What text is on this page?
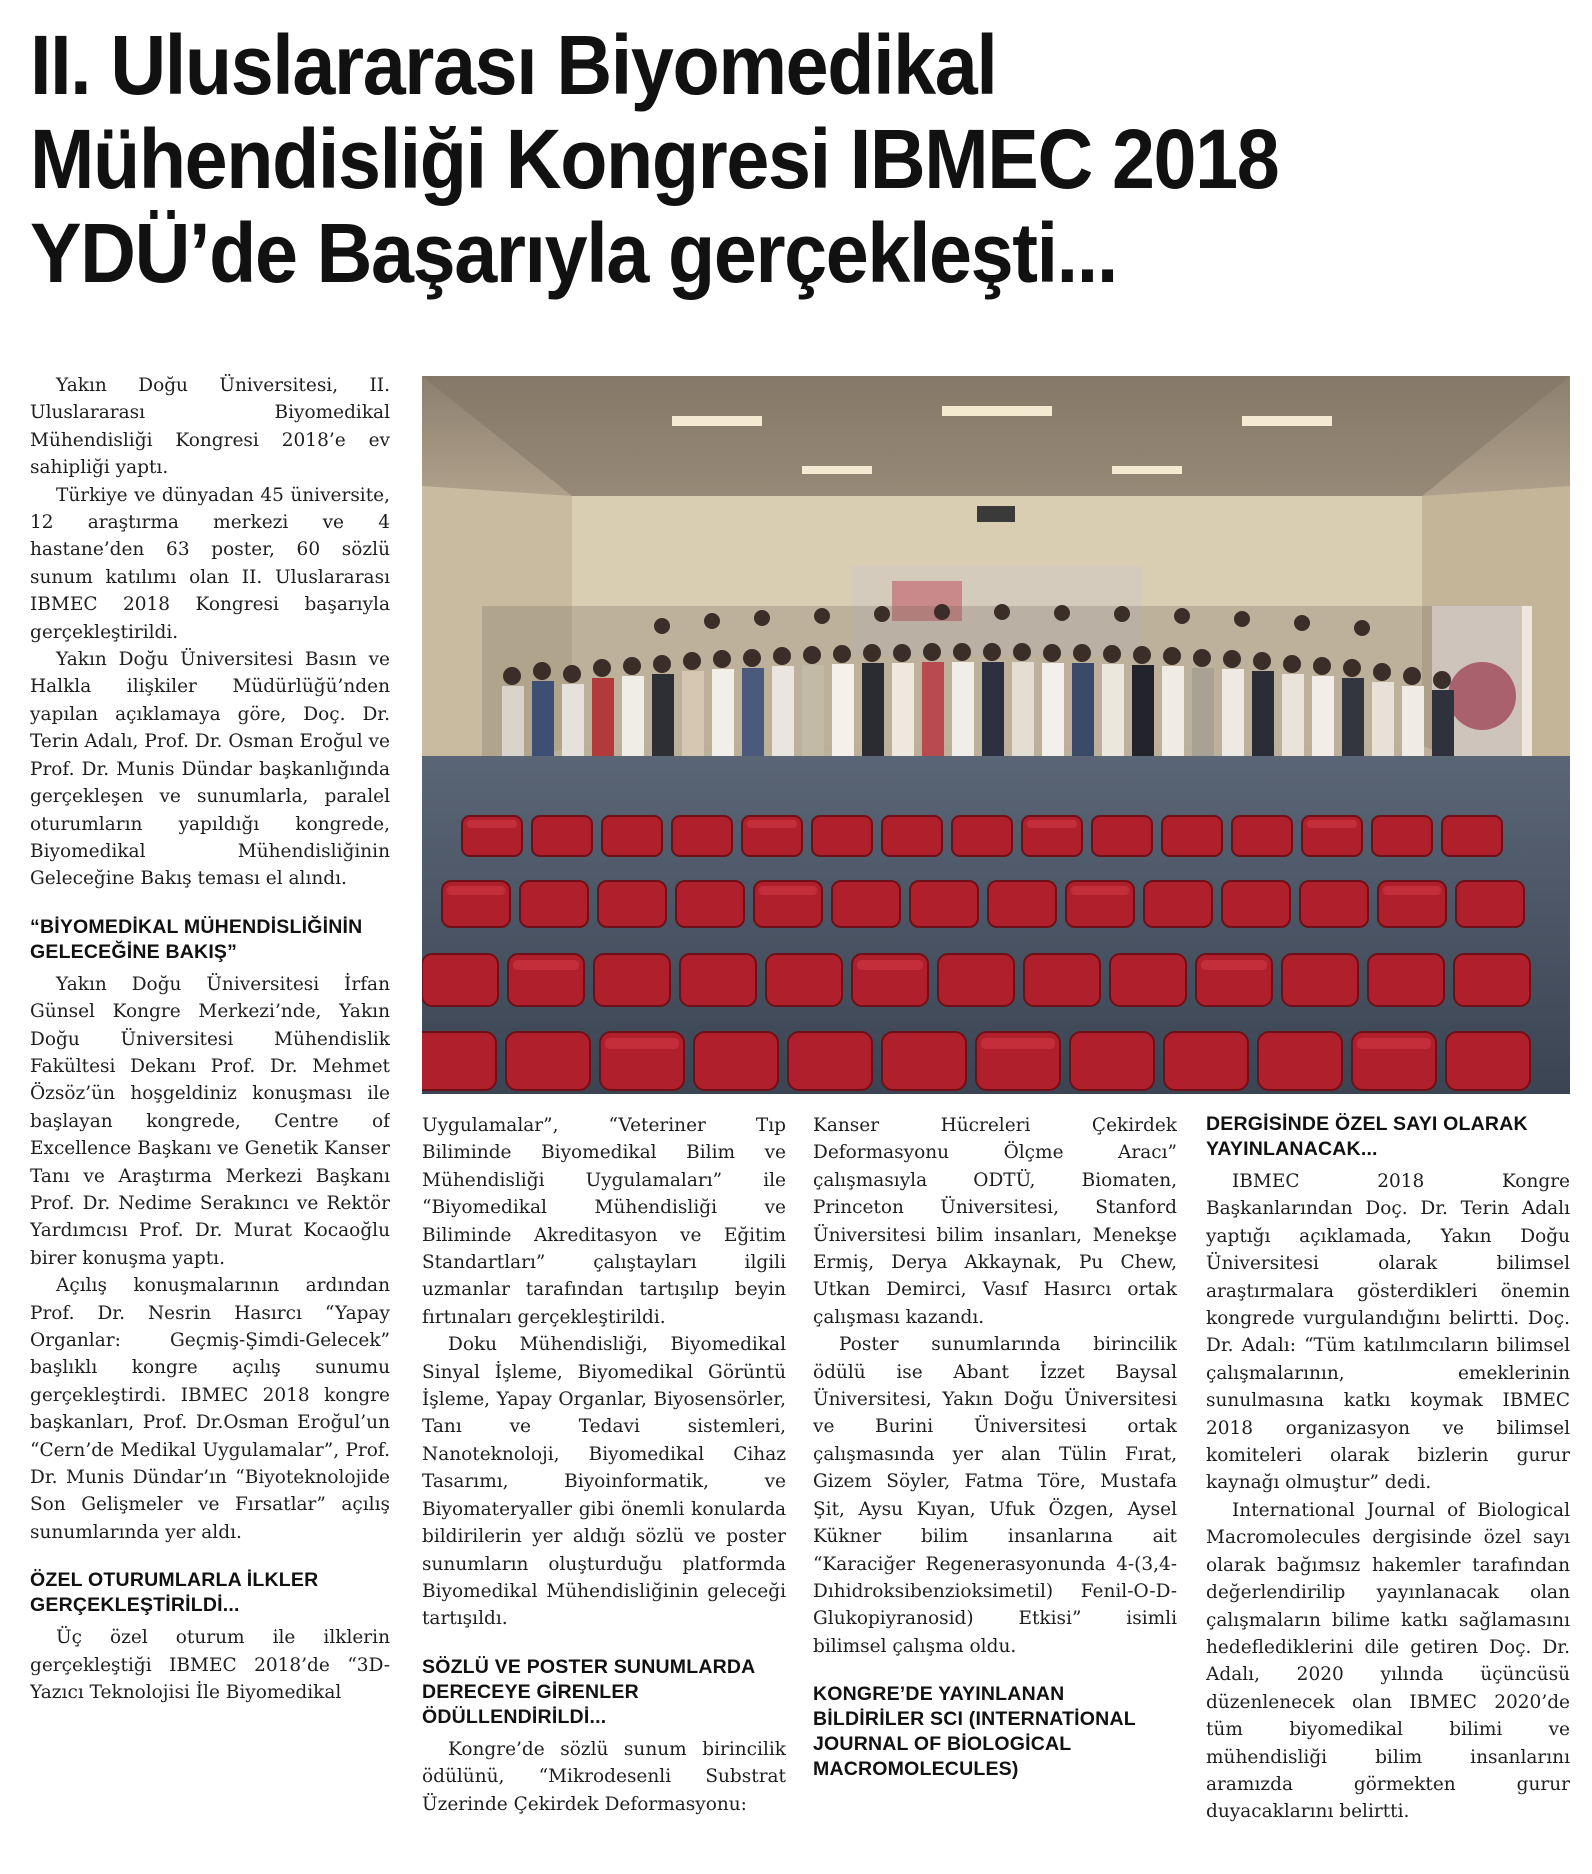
II. Uluslararası Biyomedikal
Mühendisliği Kongresi IBMEC 2018
YDÜ’de Başarıyla gerçekleşti...

Yakın Doğu Üniversitesi, II. Uluslararası Biyomedikal Mühendisliği Kongresi 2018’e ev sahipliği yaptı.

Türkiye ve dünyadan 45 üniversite, 12 araştırma merkezi ve 4 hastane’den 63 poster, 60 sözlü sunum katılımı olan II. Uluslararası IBMEC 2018 Kongresi başarıyla gerçekleştirildi.

Yakın Doğu Üniversitesi Basın ve Halkla ilişkiler Müdürlüğü’nden yapılan açıklamaya göre, Doç. Dr. Terin Adalı, Prof. Dr. Osman Eroğul ve Prof. Dr. Munis Dündar başkanlığında gerçekleşen ve sunumlarla, paralel oturumların yapıldığı kongrede, Biyomedikal Mühendisliğinin Geleceğine Bakış teması el alındı.

“BİYOMEDİKAL MÜHENDİSLİĞİNİN GELECEĞİNE BAKIŞ”

Yakın Doğu Üniversitesi İrfan Günsel Kongre Merkezi’nde, Yakın Doğu Üniversitesi Mühendislik Fakültesi Dekanı Prof. Dr. Mehmet Özsöz’ün hoşgeldiniz konuşması ile başlayan kongrede, Centre of Excellence Başkanı ve Genetik Kanser Tanı ve Araştırma Merkezi Başkanı Prof. Dr. Nedime Serakıncı ve Rektör Yardımcısı Prof. Dr. Murat Kocaoğlu birer konuşma yaptı.

Açılış konuşmalarının ardından Prof. Dr. Nesrin Hasırcı “Yapay Organlar: Geçmiş-Şimdi-Gelecek” başlıklı kongre açılış sunumu gerçekleştirdi. IBMEC 2018 kongre başkanları, Prof. Dr.Osman Eroğul’un “Cern’de Medikal Uygulamalar”, Prof. Dr. Munis Dündar’ın “Biyoteknolojide Son Gelişmeler ve Fırsatlar” açılış sunumlarında yer aldı.

ÖZEL OTURUMLARLA İLKLER GERÇEKLEŞTİRİLDİ...

Üç özel oturum ile ilklerin gerçekleştiği IBMEC 2018’de “3D-Yazıcı Teknolojisi İle Biyomedikal

Uygulamalar”, “Veteriner Tıp Biliminde Biyomedikal Bilim ve Mühendisliği Uygulamaları” ile “Biyomedikal Mühendisliği ve Biliminde Akreditasyon ve Eğitim Standartları” çalıştayları ilgili uzmanlar tarafından tartışılıp beyin fırtınaları gerçekleştirildi.

Doku Mühendisliği, Biyomedikal Sinyal İşleme, Biyomedikal Görüntü İşleme, Yapay Organlar, Biyosensörler, Tanı ve Tedavi sistemleri, Nanoteknoloji, Biyomedikal Cihaz Tasarımı, Biyoinformatik, ve Biyomateryaller gibi önemli konularda bildirilerin yer aldığı sözlü ve poster sunumların oluşturduğu platformda Biyomedikal Mühendisliğinin geleceği tartışıldı.

SÖZLÜ VE POSTER SUNUMLARDA DERECEYE GİRENLER ÖDÜLLENDİRİLDİ...

Kongre’de sözlü sunum birincilik ödülünü, “Mikrodesenli Substrat Üzerinde Çekirdek Deformasyonu:

Kanser Hücreleri Çekirdek Deformasyonu Ölçme Aracı” çalışmasıyla ODTÜ, Biomaten, Princeton Üniversitesi, Stanford Üniversitesi bilim insanları, Menekşe Ermiş, Derya Akkaynak, Pu Chew, Utkan Demirci, Vasıf Hasırcı ortak çalışması kazandı.

Poster sunumlarında birincilik ödülü ise Abant İzzet Baysal Üniversitesi, Yakın Doğu Üniversitesi ve Burini Üniversitesi ortak çalışmasında yer alan Tülin Fırat, Gizem Söyler, Fatma Töre, Mustafa Şit, Aysu Kıyan, Ufuk Özgen, Aysel Kükner bilim insanlarına ait “Karaciğer Regenerasyonunda 4-(3,4-Dıhidroksibenzioksimetil) Fenil-O-D-Glukopiyranosid) Etkisi” isimli bilimsel çalışma oldu.

KONGRE’DE YAYINLANAN BİLDİRİLER SCI (INTERNATİONAL JOURNAL OF BİOLOGİCAL MACROMOLECULES)
DERGİSİNDE ÖZEL SAYI OLARAK YAYINLANACAK...

IBMEC 2018 Kongre Başkanlarından Doç. Dr. Terin Adalı yaptığı açıklamada, Yakın Doğu Üniversitesi olarak bilimsel araştırmalara gösterdikleri önemin kongrede vurgulandığını belirtti. Doç. Dr. Adalı: “Tüm katılımcıların bilimsel çalışmalarının, emeklerinin sunulmasına katkı koymak IBMEC 2018 organizasyon ve bilimsel komiteleri olarak bizlerin gurur kaynağı olmuştur” dedi.

International Journal of Biological Macromolecules dergisinde özel sayı olarak bağımsız hakemler tarafından değerlendirilip yayınlanacak olan çalışmaların bilime katkı sağlamasını hedeflediklerini dile getiren Doç. Dr. Adalı, 2020 yılında üçüncüsü düzenlenecek olan IBMEC 2020’de tüm biyomedikal bilimi ve mühendisliği bilim insanlarını aramızda görmekten gurur duyacaklarını belirtti.
